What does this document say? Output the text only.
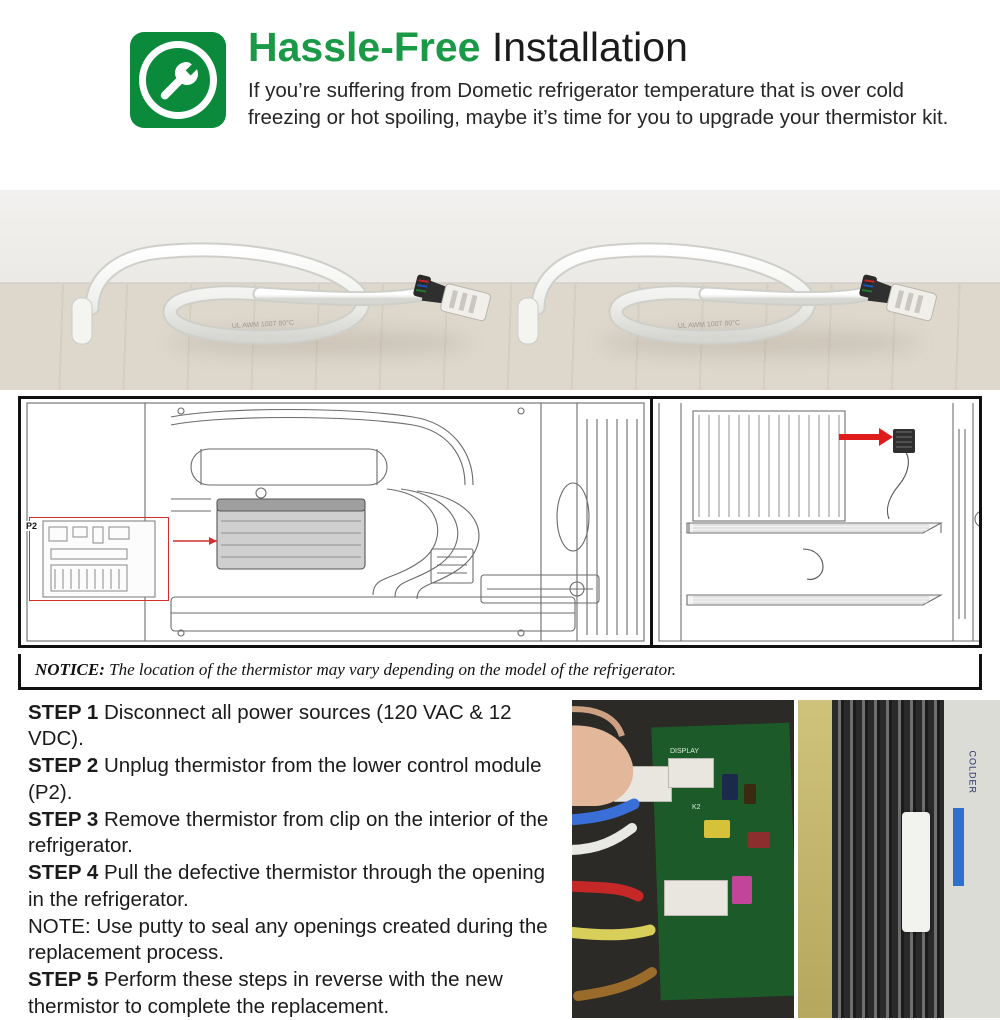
Hassle-Free Installation
If you’re suffering from Dometic refrigerator temperature that is over cold freezing or hot spoiling, maybe it’s time for you to upgrade your thermistor kit.
UL AWM 1007 80°C	UL AWM 1007 80°C
P2
NOTICE: The location of the thermistor may vary depending on the model of the refrigerator.

STEP 1 Disconnect all power sources (120 VAC & 12 VDC).

STEP 2 Unplug thermistor from the lower control module (P2).

STEP 3 Remove thermistor from clip on the interior of the refrigerator.

STEP 4 Pull the defective thermistor through the opening in the refrigerator.

NOTE: Use putty to seal any openings created during the replacement process.

STEP 5 Perform these steps in reverse with the new thermistor to complete the replacement.

DISPLAY
K2
COLDER
